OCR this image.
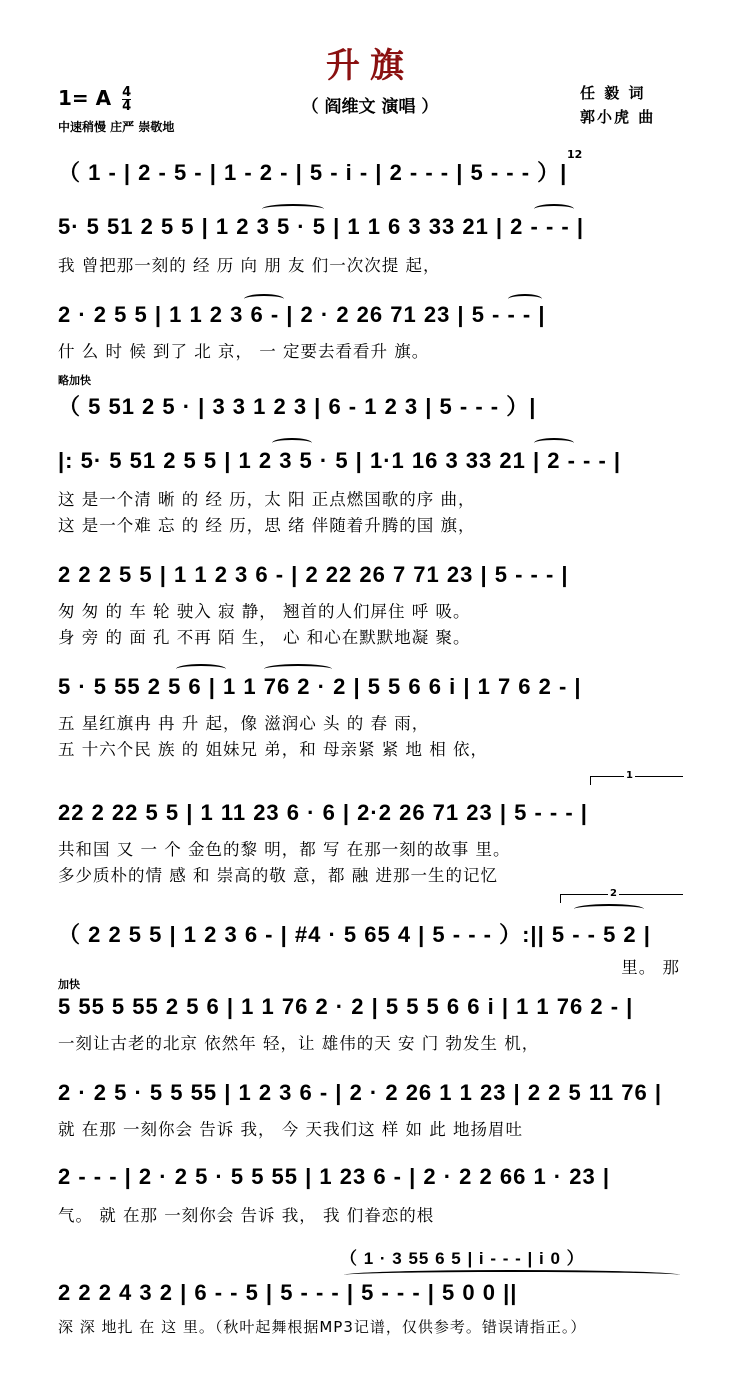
升旗
（ 阎维文 演唱 ）
1= A $\frac{4}{4}$
中速稍慢 庄严 崇敬地
任 毅 词
郭小虎 曲
（ 1 - | 2 - 5 - | 1 - 2 - | 5 - i - | 2 - - - | 5 - - - ）|
12
5· 5 51 2 5 5 | 1 2 3 5 · 5 | 1 1 6 3 33 21 | 2 - - - |
我 曾把那一刻的 经 历 向 朋 友 们一次次提 起，
2 · 2 5 5 | 1 1 2 3 6 - | 2 · 2 26 71 23 | 5 - - - |
什 么 时 候 到了 北 京， 一 定要去看看升 旗。
略加快
（ 5 51 2 5 · | 3 3 1 2 3 | 6 - 1 2 3 | 5 - - - ）|
|: 5· 5 51 2 5 5 | 1 2 3 5 · 5 | 1·1 16 3 33 21 | 2 - - - |
这 是一个清 晰 的 经 历，太 阳 正点燃国歌的序 曲，
这 是一个难 忘 的 经 历，思 绪 伴随着升腾的国 旗，
2 2 2 5 5 | 1 1 2 3 6 - | 2 22 26 7 71 23 | 5 - - - |
匆 匆 的 车 轮 驶入 寂 静， 翘首的人们屏住 呼 吸。
身 旁 的 面 孔 不再 陌 生， 心 和心在默默地凝 聚。
5 · 5 55 2 5 6 | 1 1 76 2 · 2 | 5 5 6 6 i | 1 7 6 2 - |
五 星红旗冉 冉 升 起，像 滋润心 头 的 春 雨，
五 十六个民 族 的 姐妹兄 弟，和 母亲紧 紧 地 相 依，
1
22 2 22 5 5 | 1 11 23 6 · 6 | 2·2 26 71 23 | 5 - - - |
共和国 又 一 个 金色的黎 明，都 写 在那一刻的故事 里。
多少质朴的情 感 和 崇高的敬 意，都 融 进那一生的记忆
2
（ 2 2 5 5 | 1 2 3 6 - | #4 · 5 65 4 | 5 - - - ）:|| 5 - - 5 2 |
里。 那
加快
5 55 5 55 2 5 6 | 1 1 76 2 · 2 | 5 5 5 6 6 i | 1 1 76 2 - |
一刻让古老的北京 依然年 轻，让 雄伟的天 安 门 勃发生 机，
2 · 2 5 · 5 5 55 | 1 2 3 6 - | 2 · 2 26 1 1 23 | 2 2 5 11 76 |
就 在那 一刻你会 告诉 我， 今 天我们这 样 如 此 地扬眉吐
2 - - - | 2 · 2 5 · 5 5 55 | 1 23 6 - | 2 · 2 2 66 1 · 23 |
气。 就 在那 一刻你会 告诉 我， 我 们眷恋的根
（ 1 · 3 55 6 5 | i - - - | i 0 ）
2 2 2 4 3 2 | 6 - - 5 | 5 - - - | 5 - - - | 5 0 0 ||
深 深 地扎 在 这 里。（秋叶起舞根据MP3记谱，仅供参考。错误请指正。）
